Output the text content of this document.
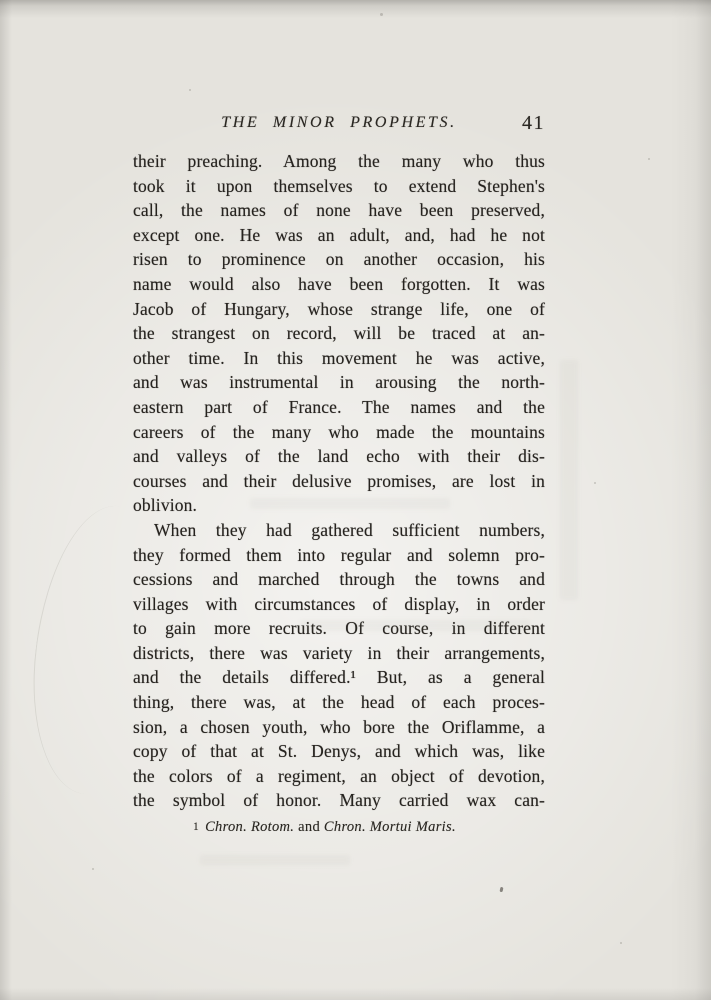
THE MINOR PROPHETS.	41
their preaching. Among the many who thus
took it upon themselves to extend Stephen's
call, the names of none have been preserved,
except one. He was an adult, and, had he not
risen to prominence on another occasion, his
name would also have been forgotten. It was
Jacob of Hungary, whose strange life, one of
the strangest on record, will be traced at an-
other time. In this movement he was active,
and was instrumental in arousing the north-
eastern part of France. The names and the
careers of the many who made the mountains
and valleys of the land echo with their dis-
courses and their delusive promises, are lost in
oblivion.
When they had gathered sufficient numbers,
they formed them into regular and solemn pro-
cessions and marched through the towns and
villages with circumstances of display, in order
to gain more recruits. Of course, in different
districts, there was variety in their arrangements,
and the details differed.¹ But, as a general
thing, there was, at the head of each proces-
sion, a chosen youth, who bore the Oriflamme, a
copy of that at St. Denys, and which was, like
the colors of a regiment, an object of devotion,
the symbol of honor. Many carried wax can-
1 Chron. Rotom. and Chron. Mortui Maris.
